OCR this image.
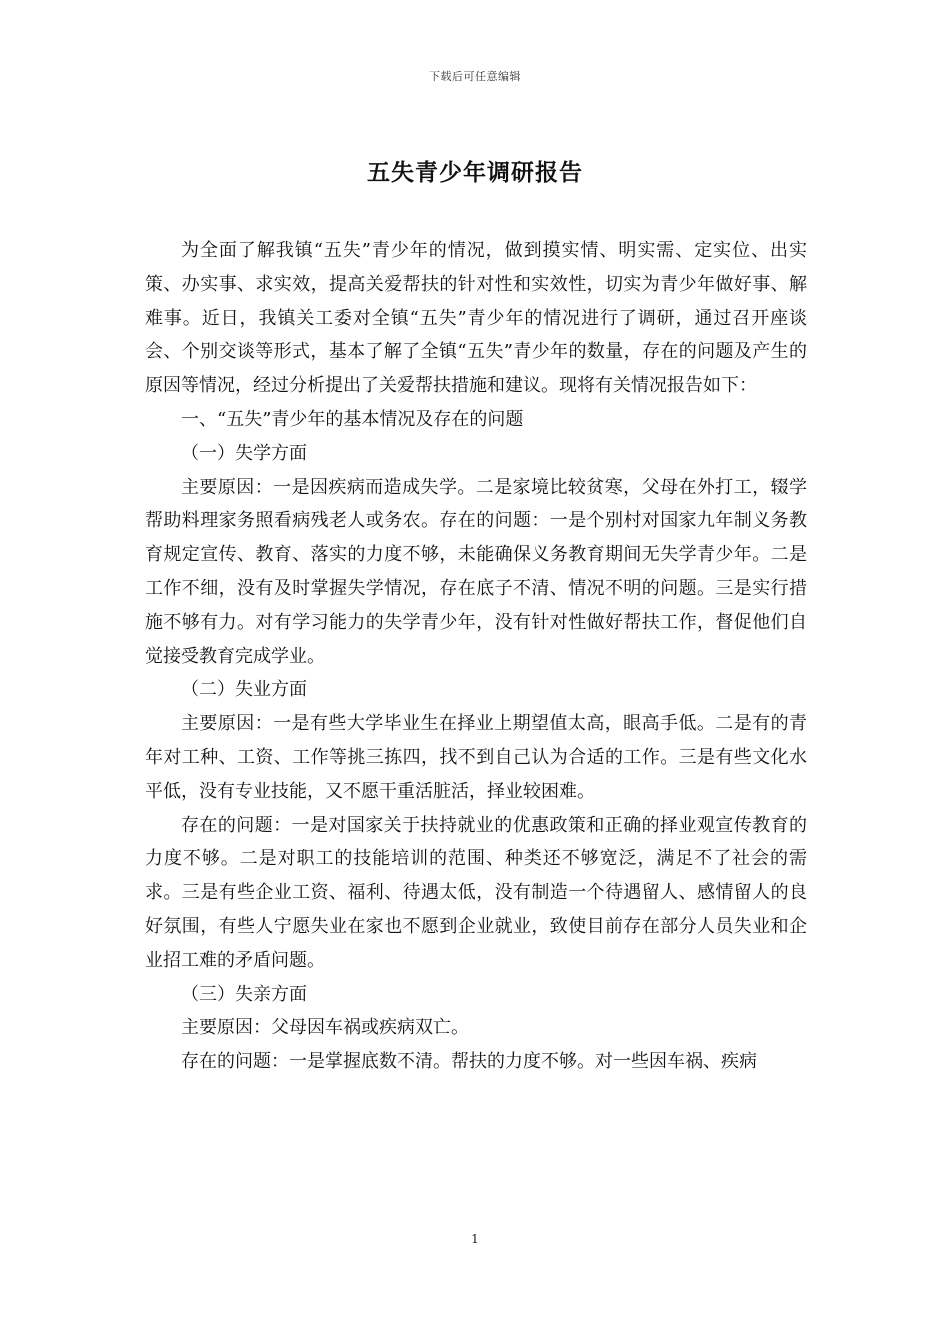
下载后可任意编辑
五失青少年调研报告

为全面了解我镇“五失”青少年的情况，做到摸实情、明实需、定实位、出实策、办实事、求实效，提高关爱帮扶的针对性和实效性，切实为青少年做好事、解难事。近日，我镇关工委对全镇“五失”青少年的情况进行了调研，通过召开座谈会、个别交谈等形式，基本了解了全镇“五失”青少年的数量，存在的问题及产生的原因等情况，经过分析提出了关爱帮扶措施和建议。现将有关情况报告如下：

一、“五失”青少年的基本情况及存在的问题

（一）失学方面

主要原因：一是因疾病而造成失学。二是家境比较贫寒，父母在外打工，辍学帮助料理家务照看病残老人或务农。存在的问题：一是个别村对国家九年制义务教育规定宣传、教育、落实的力度不够，未能确保义务教育期间无失学青少年。二是工作不细，没有及时掌握失学情况，存在底子不清、情况不明的问题。三是实行措施不够有力。对有学习能力的失学青少年，没有针对性做好帮扶工作，督促他们自觉接受教育完成学业。

（二）失业方面

主要原因：一是有些大学毕业生在择业上期望值太高，眼高手低。二是有的青年对工种、工资、工作等挑三拣四，找不到自己认为合适的工作。三是有些文化水平低，没有专业技能，又不愿干重活脏活，择业较困难。

存在的问题：一是对国家关于扶持就业的优惠政策和正确的择业观宣传教育的力度不够。二是对职工的技能培训的范围、种类还不够宽泛，满足不了社会的需求。三是有些企业工资、福利、待遇太低，没有制造一个待遇留人、感情留人的良好氛围，有些人宁愿失业在家也不愿到企业就业，致使目前存在部分人员失业和企业招工难的矛盾问题。

（三）失亲方面

主要原因：父母因车祸或疾病双亡。

存在的问题：一是掌握底数不清。帮扶的力度不够。对一些因车祸、疾病

1
